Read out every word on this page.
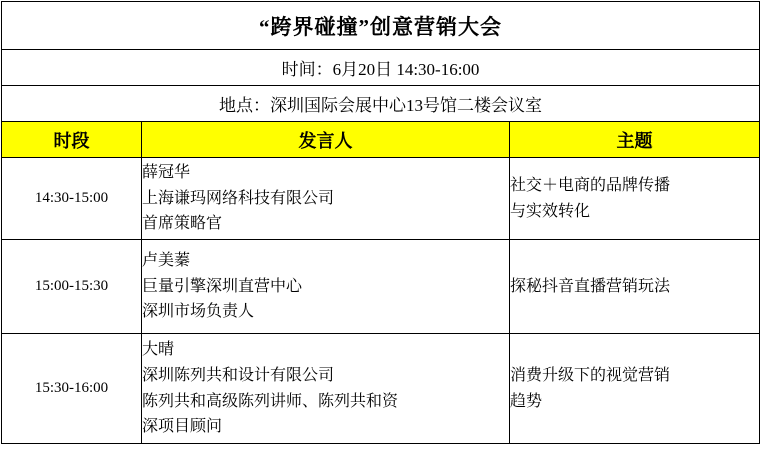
“跨界碰撞”创意营销大会		
时间：6月20日 14:30-16:00		
地点：深圳国际会展中心13号馆二楼会议室		
时段	发言人	主题
14:30-15:00	薛冠华
上海谦玛网络科技有限公司
首席策略官	社交＋电商的品牌传播
与实效转化

15:00-15:30	卢美蓁
巨量引擎深圳直营中心
深圳市场负责人	探秘抖音直播营销玩法

15:30-16:00	大晴
深圳陈列共和设计有限公司
陈列共和高级陈列讲师、陈列共和资
深项目顾问	消费升级下的视觉营销
趋势
